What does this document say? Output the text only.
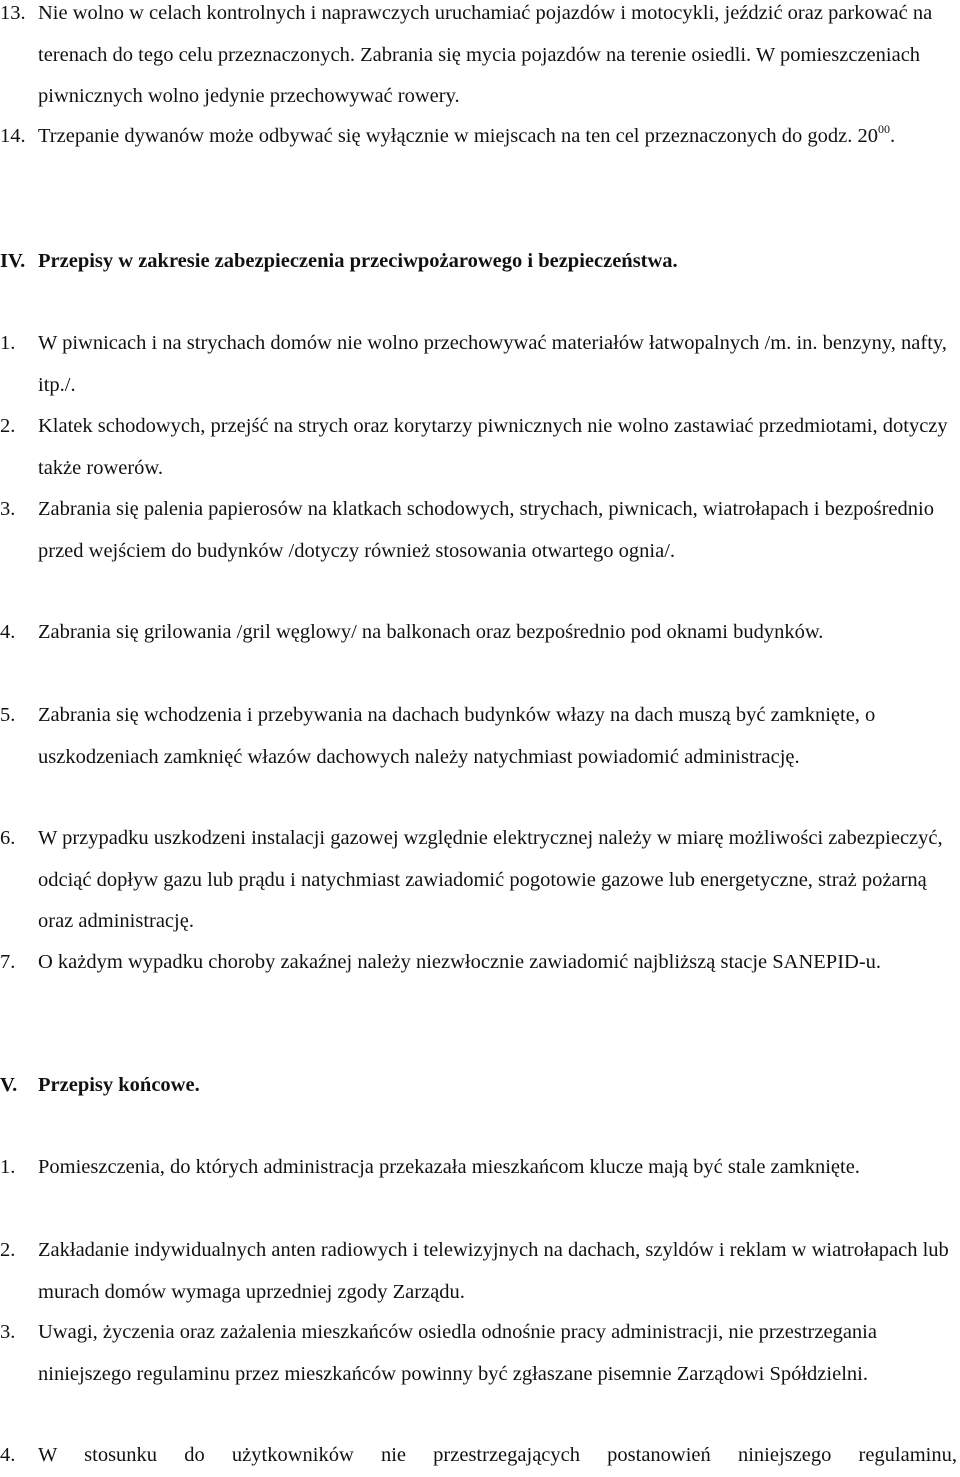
13. Nie wolno w celach kontrolnych i naprawczych uruchamiać pojazdów i motocykli, jeździć oraz parkować na terenach do tego celu przeznaczonych. Zabrania się mycia pojazdów na terenie osiedli. W pomieszczeniach piwnicznych wolno jedynie przechowywać rowery.
14. Trzepanie dywanów może odbywać się wyłącznie w miejscach na ten cel przeznaczonych do godz. $20^{00}$.
IV. Przepisy w zakresie zabezpieczenia przeciwpożarowego i bezpieczeństwa.
1.	W piwnicach i na strychach domów nie wolno przechowywać materiałów łatwopalnych /m. in. benzyny, nafty, itp./.
2.	Klatek schodowych, przejść na strych oraz korytarzy piwnicznych nie wolno zastawiać przedmiotami, dotyczy także rowerów.
3.	Zabrania się palenia papierosów na klatkach schodowych, strychach, piwnicach, wiatrołapach i bezpośrednio przed wejściem do budynków /dotyczy również stosowania otwartego ognia/.
4.	Zabrania się grilowania /gril węglowy/ na balkonach oraz bezpośrednio pod oknami budynków.
5.	Zabrania się wchodzenia i przebywania na dachach budynków włazy na dach muszą być zamknięte, o uszkodzeniach zamknięć włazów dachowych należy natychmiast powiadomić administrację.
6.	W przypadku uszkodzeni instalacji gazowej względnie elektrycznej należy w miarę możliwości zabezpieczyć, odciąć dopływ gazu lub prądu i natychmiast zawiadomić pogotowie gazowe lub energetyczne, straż pożarną oraz administrację.
7.	O każdym wypadku choroby zakaźnej należy niezwłocznie zawiadomić najbliższą stacje SANEPID-u.
V.	Przepisy końcowe.
1.	Pomieszczenia, do których administracja przekazała mieszkańcom klucze mają być stale zamknięte.
2.	Zakładanie indywidualnych anten radiowych i telewizyjnych na dachach, szyldów i reklam w wiatrołapach lub murach domów wymaga uprzedniej zgody Zarządu.
3.	Uwagi, życzenia oraz zażalenia mieszkańców osiedla odnośnie pracy administracji, nie przestrzegania niniejszego regulaminu przez mieszkańców powinny być zgłaszane pisemnie Zarządowi Spółdzielni.
4.	W stosunku do użytkowników nie przestrzegających postanowień niniejszego regulaminu,
